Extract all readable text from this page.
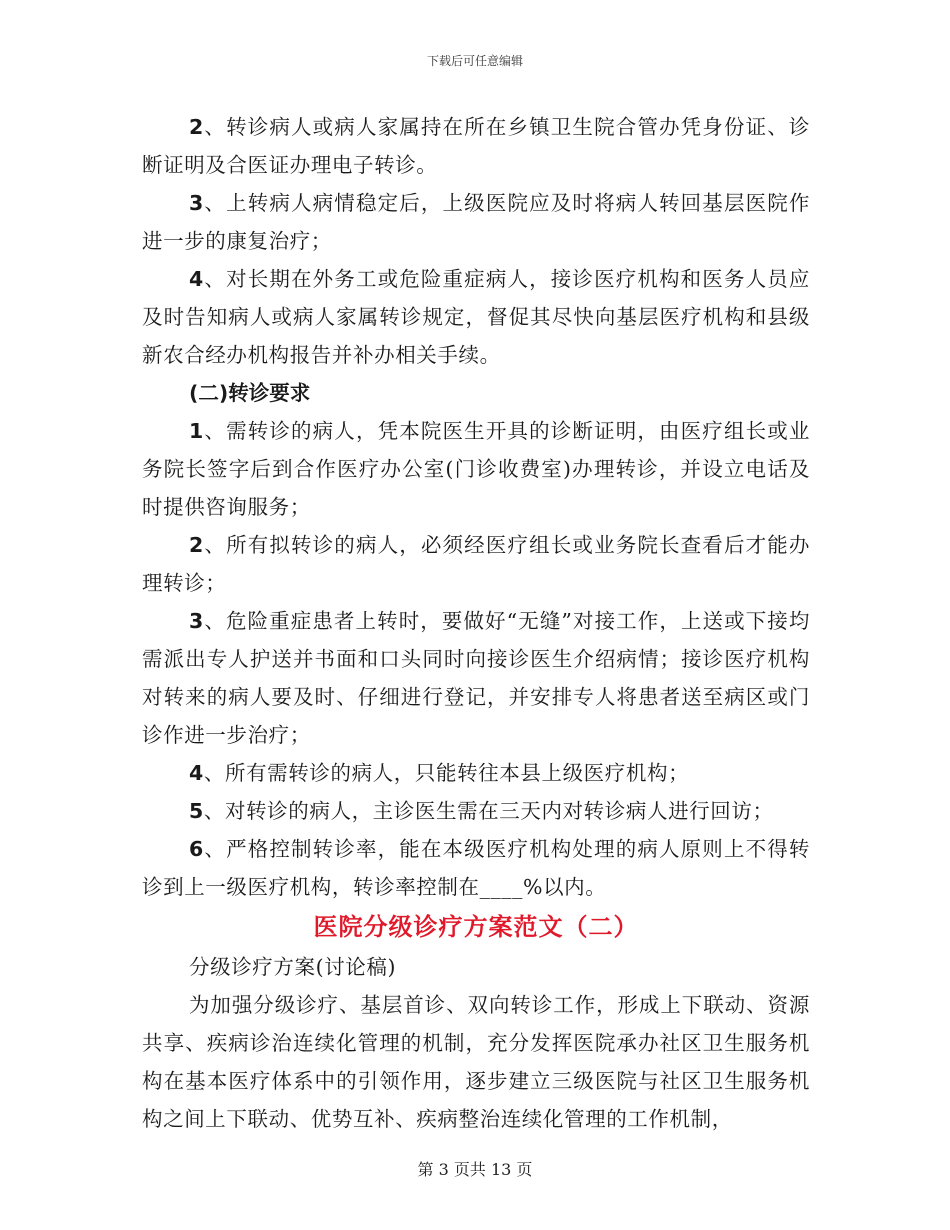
下载后可任意编辑

2、转诊病人或病人家属持在所在乡镇卫生院合管办凭身份证、诊断证明及合医证办理电子转诊。

3、上转病人病情稳定后，上级医院应及时将病人转回基层医院作进一步的康复治疗；

4、对长期在外务工或危险重症病人，接诊医疗机构和医务人员应及时告知病人或病人家属转诊规定，督促其尽快向基层医疗机构和县级新农合经办机构报告并补办相关手续。

(二)转诊要求

1、需转诊的病人，凭本院医生开具的诊断证明，由医疗组长或业务院长签字后到合作医疗办公室(门诊收费室)办理转诊，并设立电话及时提供咨询服务；

2、所有拟转诊的病人，必须经医疗组长或业务院长查看后才能办理转诊；

3、危险重症患者上转时，要做好“无缝”对接工作，上送或下接均需派出专人护送并书面和口头同时向接诊医生介绍病情；接诊医疗机构对转来的病人要及时、仔细进行登记，并安排专人将患者送至病区或门诊作进一步治疗；

4、所有需转诊的病人，只能转往本县上级医疗机构；

5、对转诊的病人，主诊医生需在三天内对转诊病人进行回访；

6、严格控制转诊率，能在本级医疗机构处理的病人原则上不得转诊到上一级医疗机构，转诊率控制在____%以内。

医院分级诊疗方案范文（二）

分级诊疗方案(讨论稿)

为加强分级诊疗、基层首诊、双向转诊工作，形成上下联动、资源共享、疾病诊治连续化管理的机制，充分发挥医院承办社区卫生服务机构在基本医疗体系中的引领作用，逐步建立三级医院与社区卫生服务机构之间上下联动、优势互补、疾病整治连续化管理的工作机制，

第 3 页共 13 页
